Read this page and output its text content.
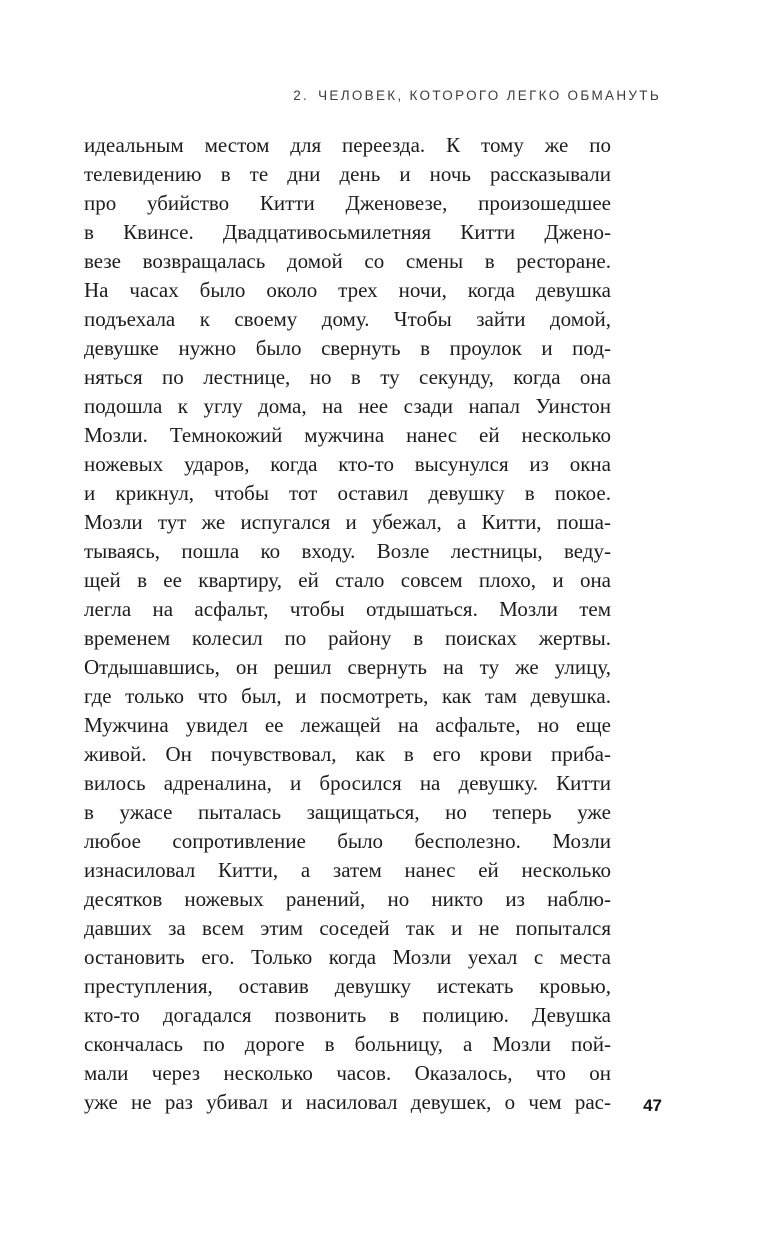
2. ЧЕЛОВЕК, КОТОРОГО ЛЕГКО ОБМАНУТЬ
идеальным местом для переезда. К тому же по
телевидению в те дни день и ночь рассказывали
про убийство Китти Дженовезе, произошедшее
в Квинсе. Двадцативосьмилетняя Китти Джено-
везе возвращалась домой со смены в ресторане.
На часах было около трех ночи, когда девушка
подъехала к своему дому. Чтобы зайти домой,
девушке нужно было свернуть в проулок и под-
няться по лестнице, но в ту секунду, когда она
подошла к углу дома, на нее сзади напал Уинстон
Мозли. Темнокожий мужчина нанес ей несколько
ножевых ударов, когда кто-то высунулся из окна
и крикнул, чтобы тот оставил девушку в покое.
Мозли тут же испугался и убежал, а Китти, поша-
тываясь, пошла ко входу. Возле лестницы, веду-
щей в ее квартиру, ей стало совсем плохо, и она
легла на асфальт, чтобы отдышаться. Мозли тем
временем колесил по району в поисках жертвы.
Отдышавшись, он решил свернуть на ту же улицу,
где только что был, и посмотреть, как там девушка.
Мужчина увидел ее лежащей на асфальте, но еще
живой. Он почувствовал, как в его крови приба-
вилось адреналина, и бросился на девушку. Китти
в ужасе пыталась защищаться, но теперь уже
любое сопротивление было бесполезно. Мозли
изнасиловал Китти, а затем нанес ей несколько
десятков ножевых ранений, но никто из наблю-
давших за всем этим соседей так и не попытался
остановить его. Только когда Мозли уехал с места
преступления, оставив девушку истекать кровью,
кто-то догадался позвонить в полицию. Девушка
скончалась по дороге в больницу, а Мозли пой-
мали через несколько часов. Оказалось, что он
уже не раз убивал и насиловал девушек, о чем рас- 47
